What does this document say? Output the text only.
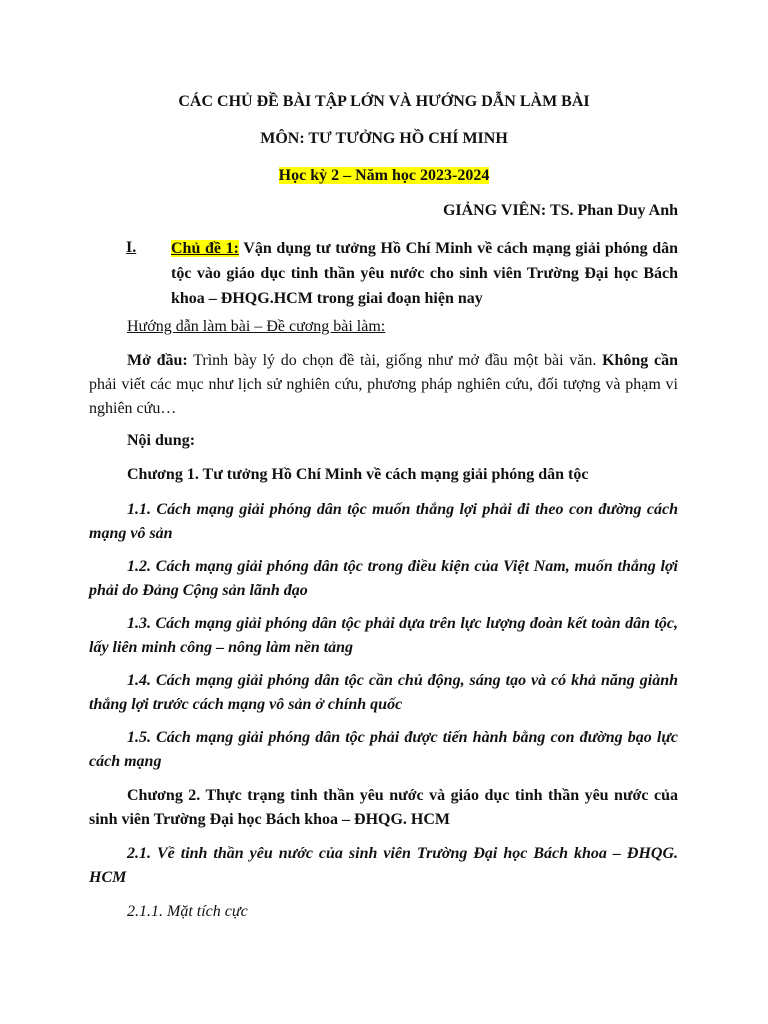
CÁC CHỦ ĐỀ BÀI TẬP LỚN VÀ HƯỚNG DẪN LÀM BÀI
MÔN: TƯ TƯỞNG HỒ CHÍ MINH
Học kỳ 2 – Năm học 2023-2024
GIẢNG VIÊN: TS. Phan Duy Anh
I. Chủ đề 1: Vận dụng tư tưởng Hồ Chí Minh về cách mạng giải phóng dân tộc vào giáo dục tinh thần yêu nước cho sinh viên Trường Đại học Bách khoa – ĐHQG.HCM trong giai đoạn hiện nay
Hướng dẫn làm bài – Đề cương bài làm:
Mở đầu: Trình bày lý do chọn đề tài, giống như mở đầu một bài văn. Không cần phải viết các mục như lịch sử nghiên cứu, phương pháp nghiên cứu, đối tượng và phạm vi nghiên cứu…
Nội dung:
Chương 1. Tư tưởng Hồ Chí Minh về cách mạng giải phóng dân tộc
1.1. Cách mạng giải phóng dân tộc muốn thắng lợi phải đi theo con đường cách mạng vô sản
1.2. Cách mạng giải phóng dân tộc trong điều kiện của Việt Nam, muốn thắng lợi phải do Đảng Cộng sản lãnh đạo
1.3. Cách mạng giải phóng dân tộc phải dựa trên lực lượng đoàn kết toàn dân tộc, lấy liên minh công – nông làm nền tảng
1.4. Cách mạng giải phóng dân tộc cần chủ động, sáng tạo và có khả năng giành thắng lợi trước cách mạng vô sản ở chính quốc
1.5. Cách mạng giải phóng dân tộc phải được tiến hành bằng con đường bạo lực cách mạng
Chương 2. Thực trạng tinh thần yêu nước và giáo dục tinh thần yêu nước của sinh viên Trường Đại học Bách khoa – ĐHQG. HCM
2.1. Về tinh thần yêu nước của sinh viên Trường Đại học Bách khoa – ĐHQG. HCM
2.1.1. Mặt tích cực
